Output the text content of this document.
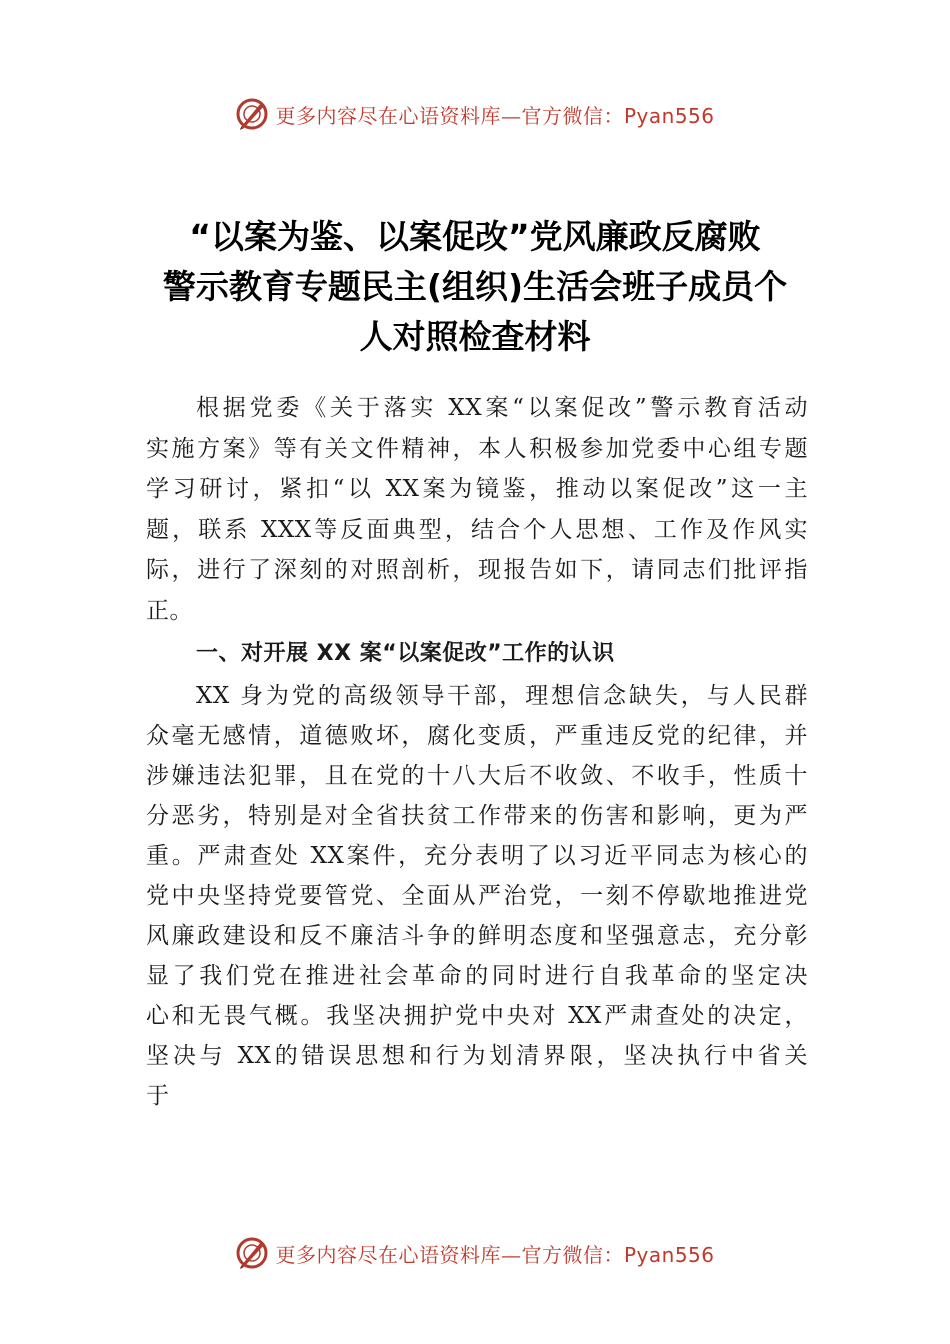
更多内容尽在心语资料库—官方微信：Pyan556
“以案为鉴、以案促改”党风廉政反腐败
警示教育专题民主(组织)生活会班子成员个
人对照检查材料
根据党委《关于落实 XX案“以案促改”警示教育活动
实施方案》等有关文件精神，本人积极参加党委中心组专题
学习研讨，紧扣“以 XX案为镜鉴，推动以案促改”这一主
题，联系 XXX等反面典型，结合个人思想、工作及作风实
际，进行了深刻的对照剖析，现报告如下，请同志们批评指
正。
一、对开展 XX 案“以案促改”工作的认识
XX 身为党的高级领导干部，理想信念缺失，与人民群
众毫无感情，道德败坏，腐化变质，严重违反党的纪律，并
涉嫌违法犯罪，且在党的十八大后不收敛、不收手，性质十
分恶劣，特别是对全省扶贫工作带来的伤害和影响，更为严
重。严肃查处 XX案件，充分表明了以习近平同志为核心的
党中央坚持党要管党、全面从严治党，一刻不停歇地推进党
风廉政建设和反不廉洁斗争的鲜明态度和坚强意志，充分彰
显了我们党在推进社会革命的同时进行自我革命的坚定决
心和无畏气概。我坚决拥护党中央对 XX严肃查处的决定，
坚决与 XX的错误思想和行为划清界限，坚决执行中省关
于
更多内容尽在心语资料库—官方微信：Pyan556
